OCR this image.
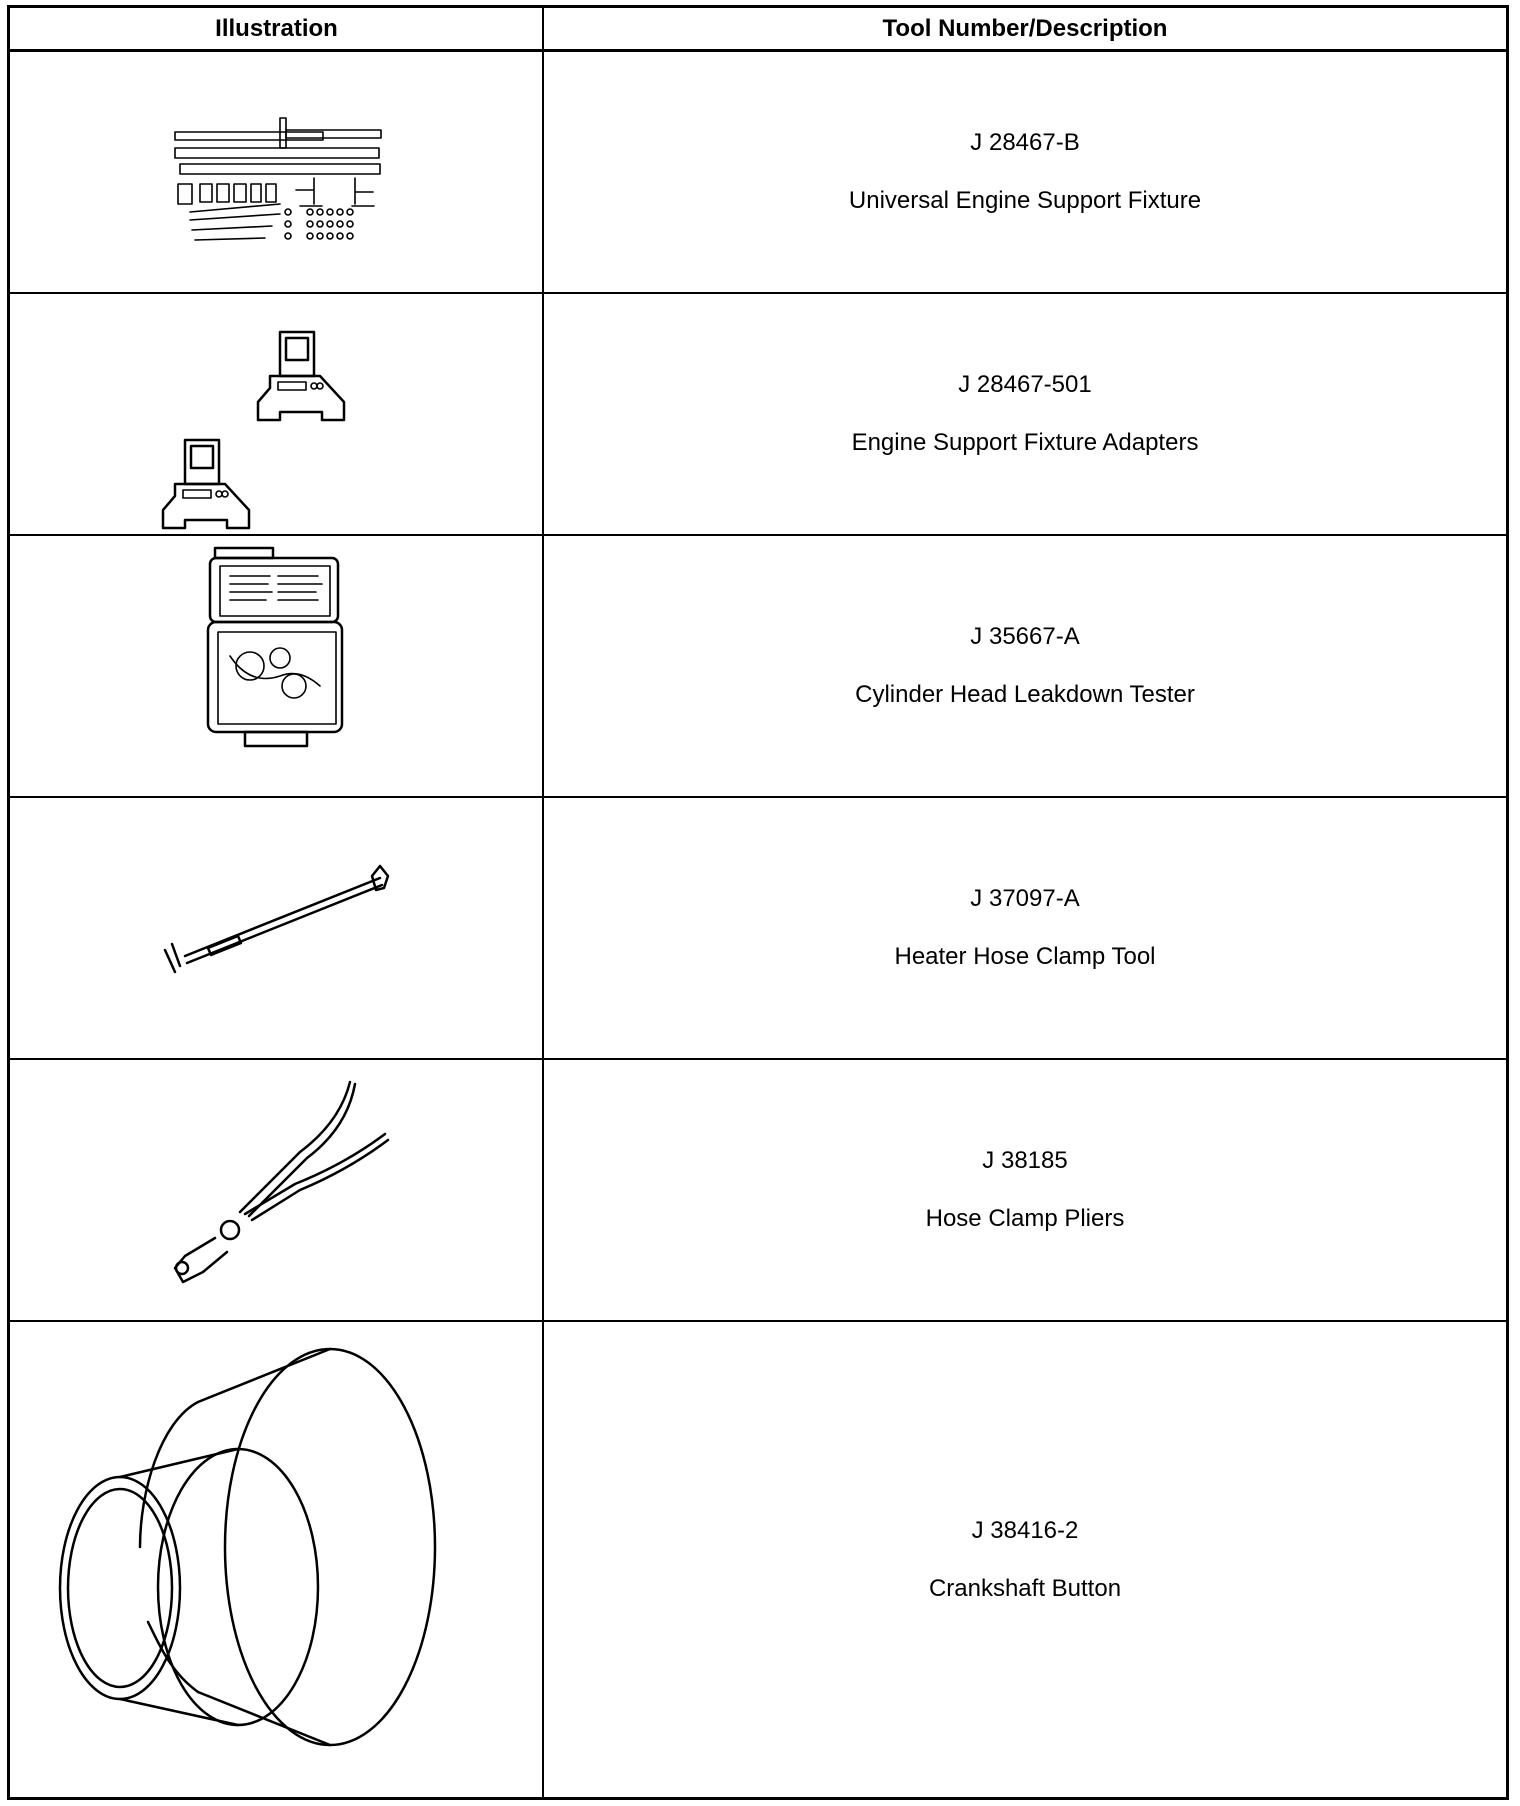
Illustration	Tool Number/Description
J 28467-B
Universal Engine Support Fixture
J 28467-501
Engine Support Fixture Adapters
J 35667-A
Cylinder Head Leakdown Tester
J 37097-A
Heater Hose Clamp Tool
J 38185
Hose Clamp Pliers
J 38416-2
Crankshaft Button
